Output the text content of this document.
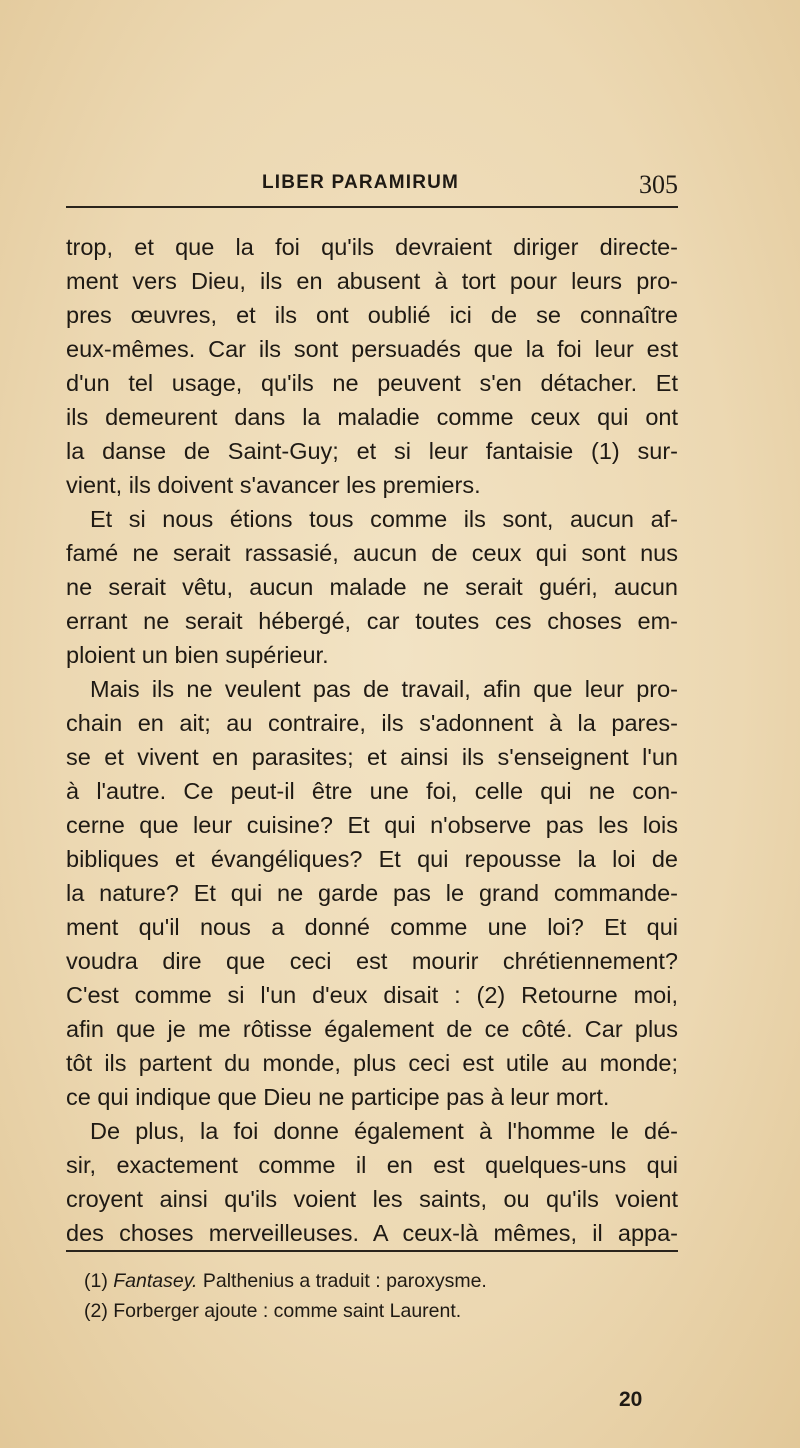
LIBER PARAMIRUM	305
trop, et que la foi qu'ils devraient diriger directe-
ment vers Dieu, ils en abusent à tort pour leurs pro-
pres œuvres, et ils ont oublié ici de se connaître
eux-mêmes. Car ils sont persuadés que la foi leur est
d'un tel usage, qu'ils ne peuvent s'en détacher. Et
ils demeurent dans la maladie comme ceux qui ont
la danse de Saint-Guy; et si leur fantaisie (1) sur-
vient, ils doivent s'avancer les premiers.
Et si nous étions tous comme ils sont, aucun af-
famé ne serait rassasié, aucun de ceux qui sont nus
ne serait vêtu, aucun malade ne serait guéri, aucun
errant ne serait hébergé, car toutes ces choses em-
ploient un bien supérieur.
Mais ils ne veulent pas de travail, afin que leur pro-
chain en ait; au contraire, ils s'adonnent à la pares-
se et vivent en parasites; et ainsi ils s'enseignent l'un
à l'autre. Ce peut-il être une foi, celle qui ne con-
cerne que leur cuisine? Et qui n'observe pas les lois
bibliques et évangéliques? Et qui repousse la loi de
la nature? Et qui ne garde pas le grand commande-
ment qu'il nous a donné comme une loi? Et qui
voudra dire que ceci est mourir chrétiennement?
C'est comme si l'un d'eux disait : (2) Retourne moi,
afin que je me rôtisse également de ce côté. Car plus
tôt ils partent du monde, plus ceci est utile au monde;
ce qui indique que Dieu ne participe pas à leur mort.
De plus, la foi donne également à l'homme le dé-
sir, exactement comme il en est quelques-uns qui
croyent ainsi qu'ils voient les saints, ou qu'ils voient
des choses merveilleuses. A ceux-là mêmes, il appa-
(1) Fantasey. Palthenius a traduit : paroxysme.
(2) Forberger ajoute : comme saint Laurent.
20
